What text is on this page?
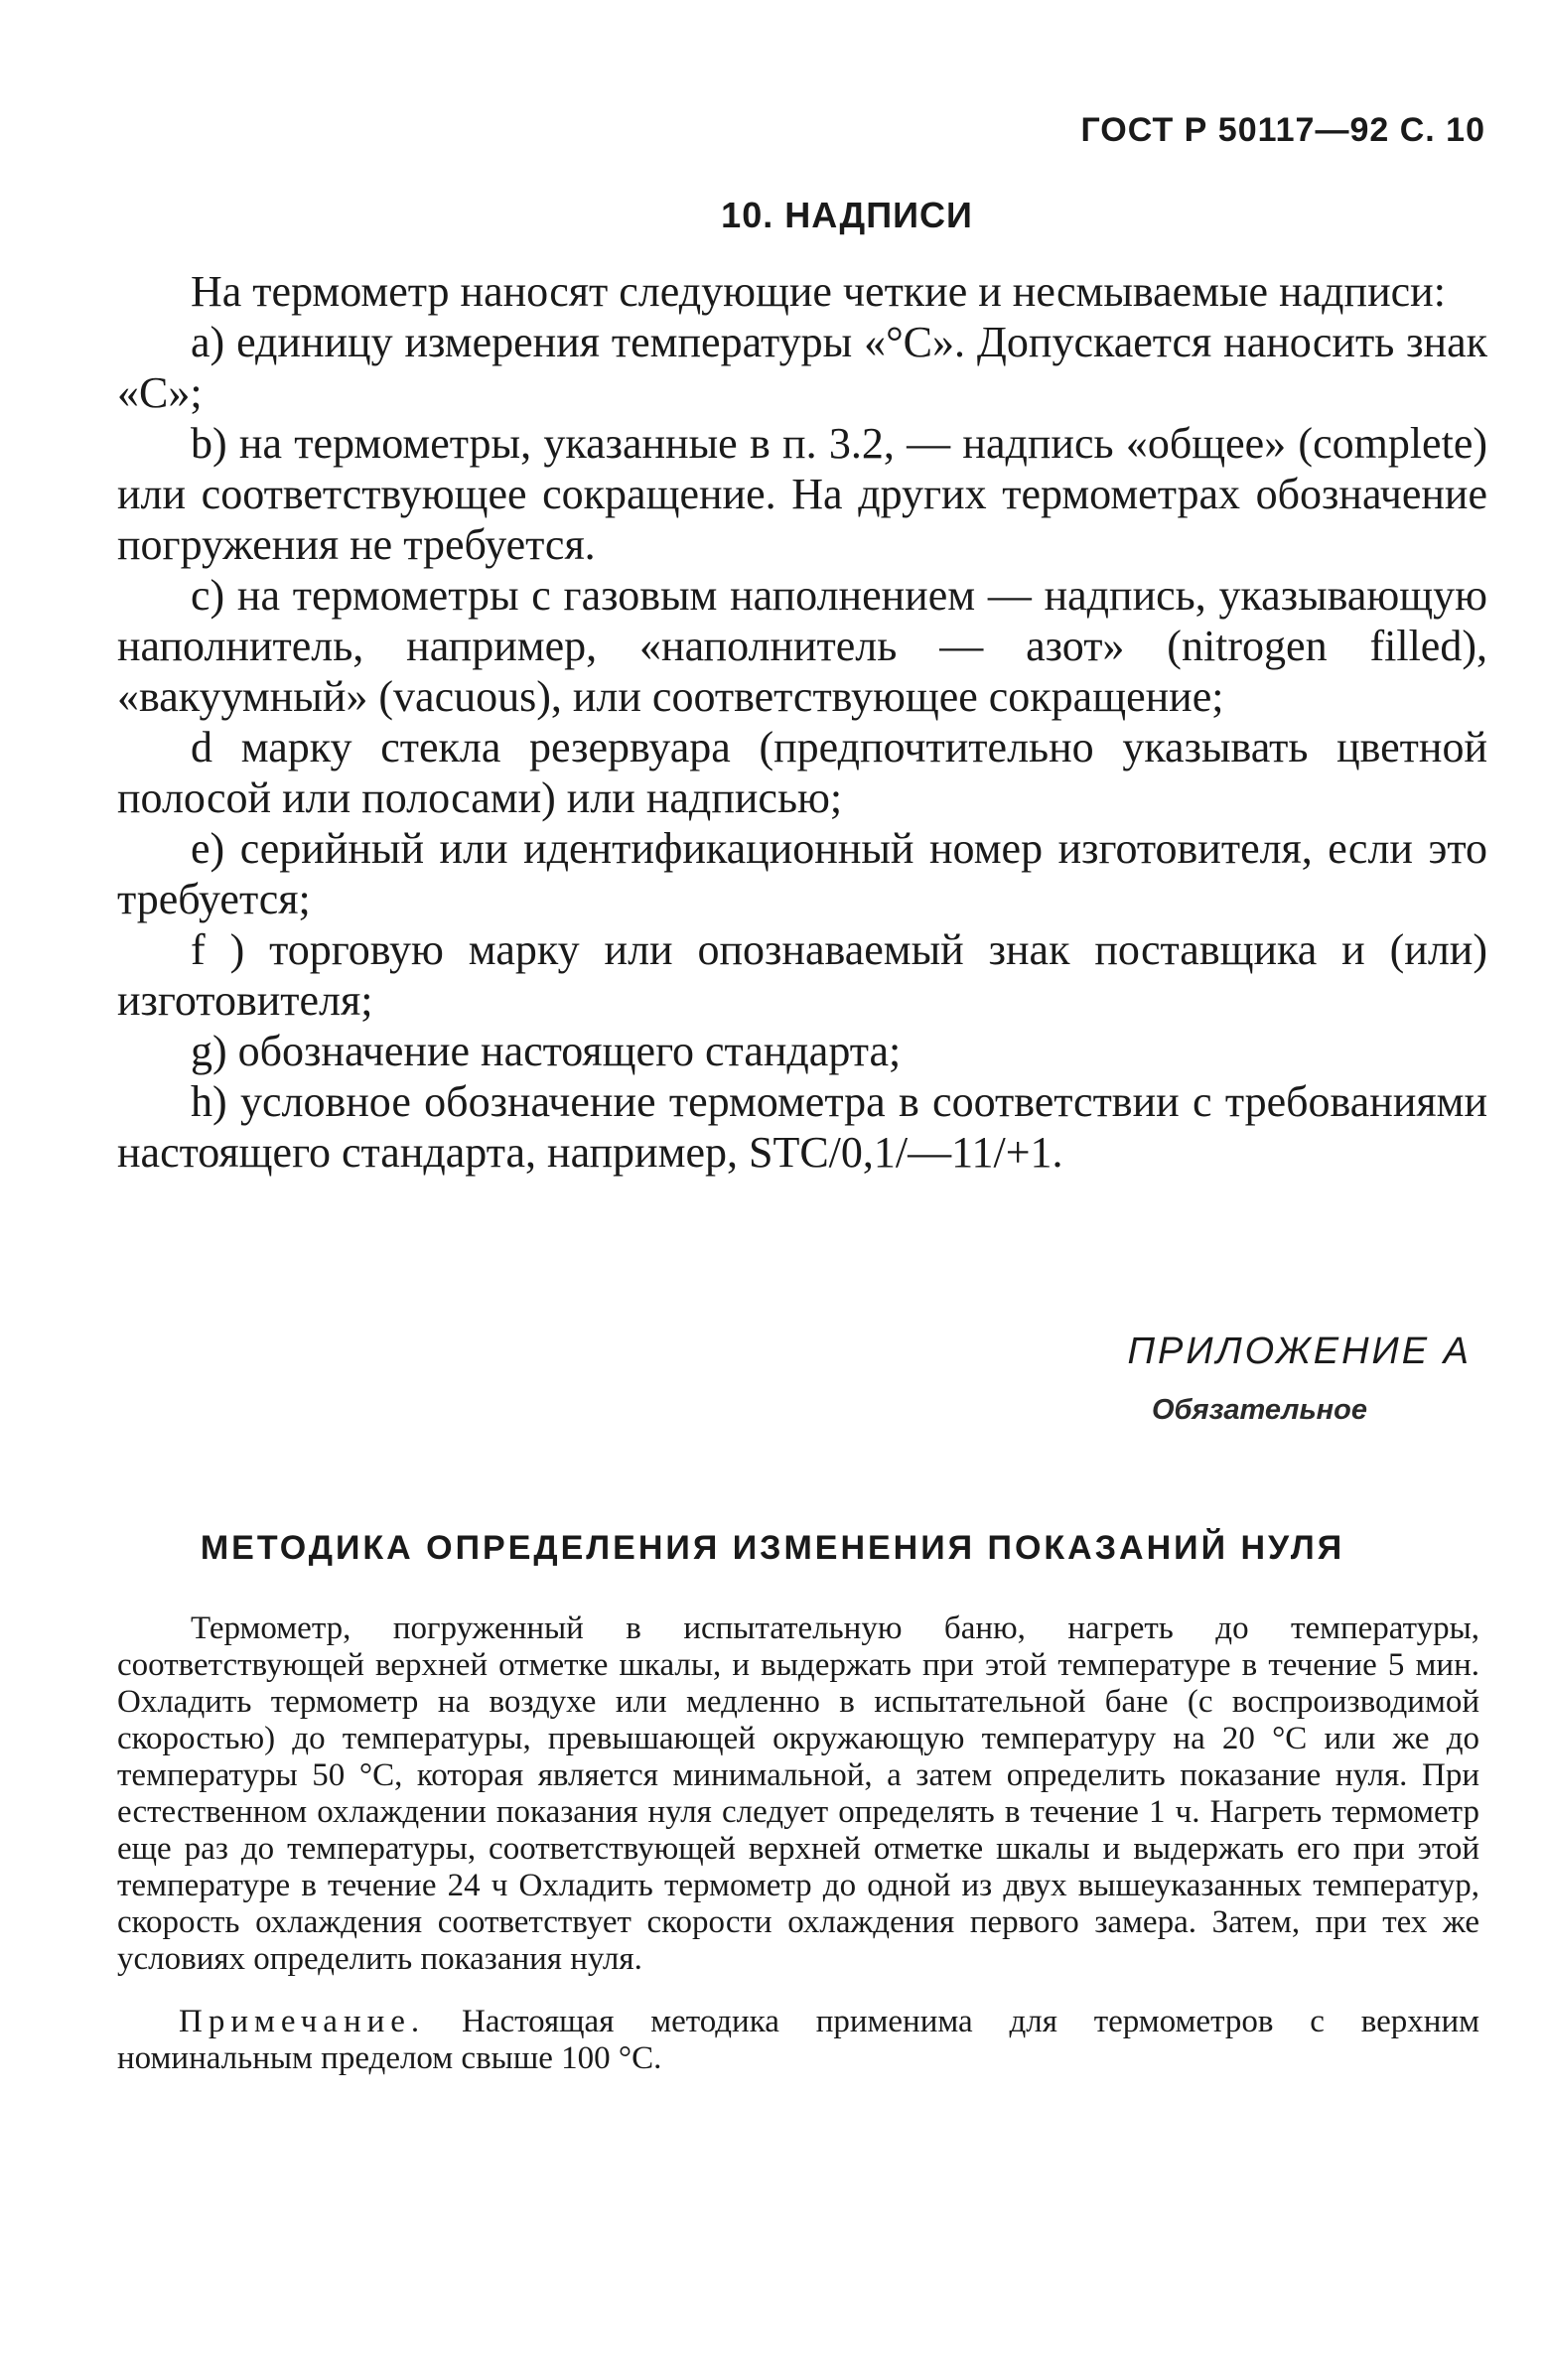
ГОСТ Р 50117—92 С. 10
10. НАДПИСИ

На термометр наносят следующие четкие и несмываемые надписи:

а) единицу измерения температуры «°С». Допускается наносить знак «С»;

b) на термометры, указанные в п. 3.2, — надпись «общее» (complete) или соответствующее сокращение. На других термометрах обозначение погружения не требуется.

с) на термометры с газовым наполнением — надпись, указывающую наполнитель, например, «наполнитель — азот» (nitrogen filled), «вакуумный» (vacuous), или соответствующее сокращение;

d марку стекла резервуара (предпочтительно указывать цветной полосой или полосами) или надписью;

е) серийный или идентификационный номер изготовителя, если это требуется;

f ) торговую марку или опознаваемый знак поставщика и (или) изготовителя;

g) обозначение настоящего стандарта;

h) условное обозначение термометра в соответствии с требованиями настоящего стандарта, например, STC/0,1/—11/+1.

ПРИЛОЖЕНИЕ А
Обязательное
МЕТОДИКА ОПРЕДЕЛЕНИЯ ИЗМЕНЕНИЯ ПОКАЗАНИЙ НУЛЯ

Термометр, погруженный в испытательную баню, нагреть до температуры, соответствующей верхней отметке шкалы, и выдержать при этой температуре в течение 5 мин. Охладить термометр на воздухе или медленно в испытательной бане (с воспроизводимой скоростью) до температуры, превышающей окружающую температуру на 20 °С или же до температуры 50 °С, которая является минимальной, а затем определить показание нуля. При естественном охлаждении показания нуля следует определять в течение 1 ч. Нагреть термометр еще раз до температуры, соответствующей верхней отметке шкалы и выдержать его при этой температуре в течение 24 ч Охладить термометр до одной из двух вышеуказанных температур, скорость охлаждения соответствует скорости охлаждения первого замера. Затем, при тех же условиях определить показания нуля.

Примечание. Настоящая методика применима для термометров с верхним номинальным пределом свыше 100 °С.
